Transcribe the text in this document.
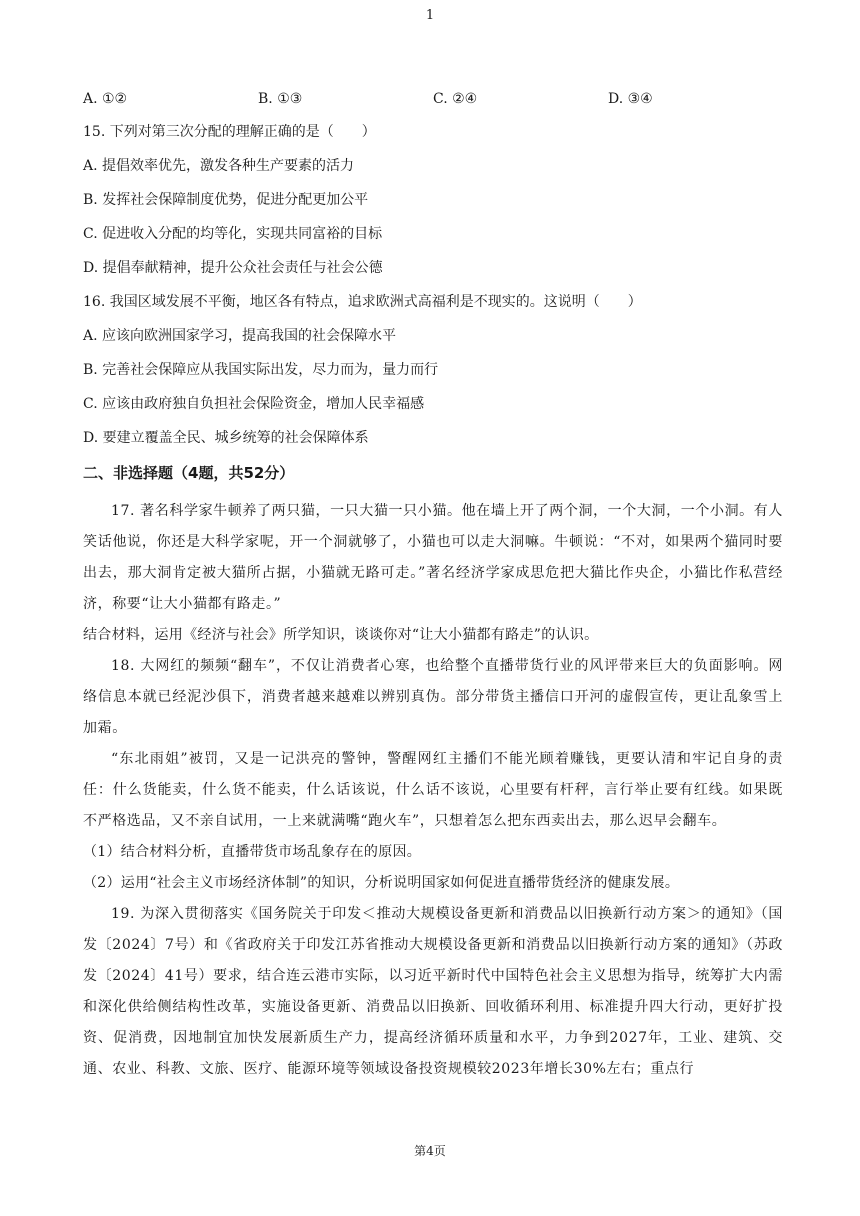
1
A. ①②	B. ①③	C. ②④	D. ③④
15. 下列对第三次分配的理解正确的是（　　）
A. 提倡效率优先，激发各种生产要素的活力
B. 发挥社会保障制度优势，促进分配更加公平
C. 促进收入分配的均等化，实现共同富裕的目标
D. 提倡奉献精神，提升公众社会责任与社会公德
16. 我国区域发展不平衡，地区各有特点，追求欧洲式高福利是不现实的。这说明（　　）
A. 应该向欧洲国家学习，提高我国的社会保障水平
B. 完善社会保障应从我国实际出发，尽力而为，量力而行
C. 应该由政府独自负担社会保险资金，增加人民幸福感
D. 要建立覆盖全民、城乡统筹的社会保障体系
二、非选择题（4题，共52分）
17. 著名科学家牛顿养了两只猫，一只大猫一只小猫。他在墙上开了两个洞，一个大洞，一个小洞。有人笑话他说，你还是大科学家呢，开一个洞就够了，小猫也可以走大洞嘛。牛顿说：“不对，如果两个猫同时要出去，那大洞肯定被大猫所占据，小猫就无路可走。”著名经济学家成思危把大猫比作央企，小猫比作私营经济，称要“让大小猫都有路走。”
结合材料，运用《经济与社会》所学知识，谈谈你对“让大小猫都有路走”的认识。
18. 大网红的频频“翻车”，不仅让消费者心寒，也给整个直播带货行业的风评带来巨大的负面影响。网络信息本就已经泥沙俱下，消费者越来越难以辨别真伪。部分带货主播信口开河的虚假宣传，更让乱象雪上加霜。
“东北雨姐”被罚，又是一记洪亮的警钟，警醒网红主播们不能光顾着赚钱，更要认清和牢记自身的责任：什么货能卖，什么货不能卖，什么话该说，什么话不该说，心里要有杆秤，言行举止要有红线。如果既不严格选品，又不亲自试用，一上来就满嘴“跑火车”，只想着怎么把东西卖出去，那么迟早会翻车。
（1）结合材料分析，直播带货市场乱象存在的原因。
（2）运用“社会主义市场经济体制”的知识，分析说明国家如何促进直播带货经济的健康发展。
19. 为深入贯彻落实《国务院关于印发＜推动大规模设备更新和消费品以旧换新行动方案＞的通知》（国发〔2024〕7号）和《省政府关于印发江苏省推动大规模设备更新和消费品以旧换新行动方案的通知》（苏政发〔2024〕41号）要求，结合连云港市实际，以习近平新时代中国特色社会主义思想为指导，统筹扩大内需和深化供给侧结构性改革，实施设备更新、消费品以旧换新、回收循环利用、标准提升四大行动，更好扩投资、促消费，因地制宜加快发展新质生产力，提高经济循环质量和水平，力争到2027年，工业、建筑、交通、农业、科教、文旅、医疗、能源环境等领域设备投资规模较2023年增长30%左右；重点行
第4页
